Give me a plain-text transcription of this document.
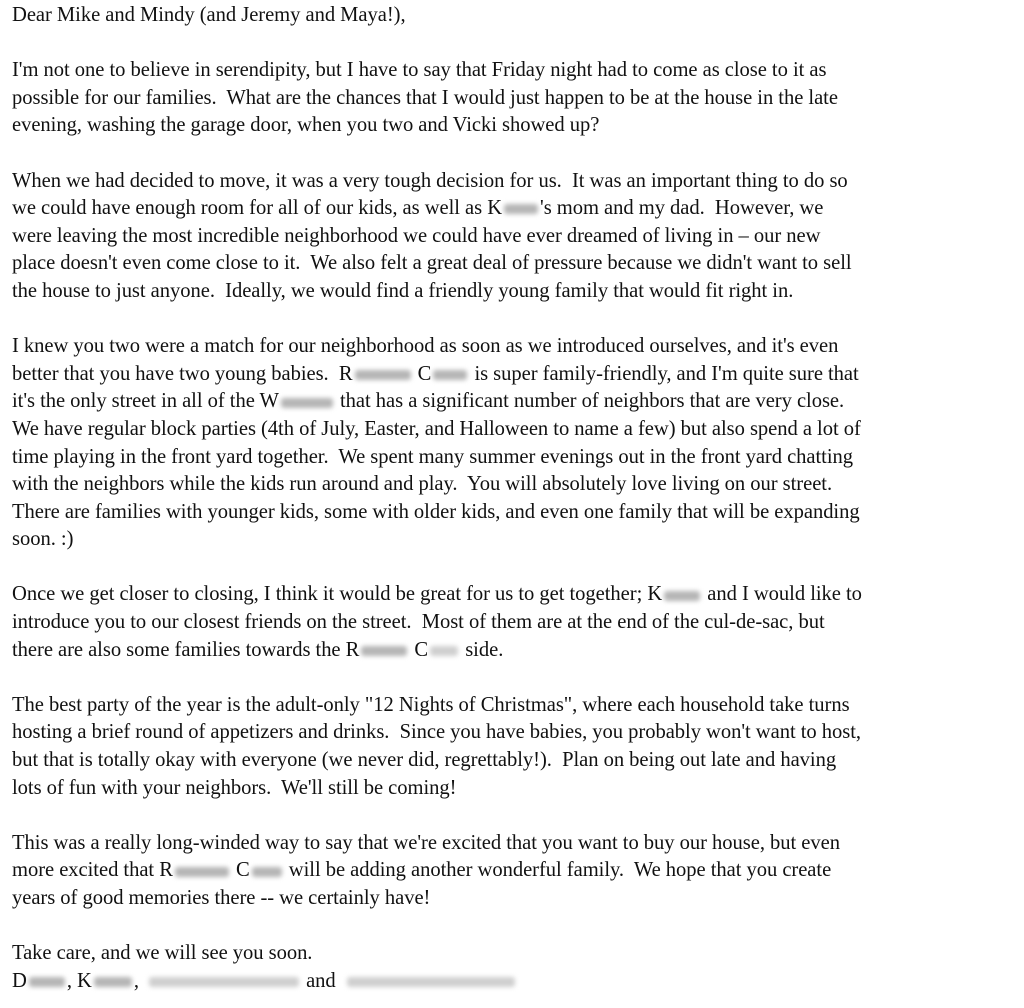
Dear Mike and Mindy (and Jeremy and Maya!),

I'm not one to believe in serendipity, but I have to say that Friday night had to come as close to it as
possible for our families.  What are the chances that I would just happen to be at the house in the late
evening, washing the garage door, when you two and Vicki showed up?

When we had decided to move, it was a very tough decision for us.  It was an important thing to do so
we could have enough room for all of our kids, as well as K 's mom and my dad.  However, we
were leaving the most incredible neighborhood we could have ever dreamed of living in – our new
place doesn't even come close to it.  We also felt a great deal of pressure because we didn't want to sell
the house to just anyone.  Ideally, we would find a friendly young family that would fit right in.

I knew you two were a match for our neighborhood as soon as we introduced ourselves, and it's even
better that you have two young babies.  R	C is super family-friendly, and I'm quite sure that
it's the only street in all of the W	that has a significant number of neighbors that are very close.
We have regular block parties (4th of July, Easter, and Halloween to name a few) but also spend a lot of
time playing in the front yard together.  We spent many summer evenings out in the front yard chatting
with the neighbors while the kids run around and play.  You will absolutely love living on our street.
There are families with younger kids, some with older kids, and even one family that will be expanding
soon. :)

Once we get closer to closing, I think it would be great for us to get together; K and I would like to
introduce you to our closest friends on the street.  Most of them are at the end of the cul-de-sac, but
there are also some families towards the R	C side.

The best party of the year is the adult-only "12 Nights of Christmas", where each household take turns
hosting a brief round of appetizers and drinks.  Since you have babies, you probably won't want to host,
but that is totally okay with everyone (we never did, regrettably!).  Plan on being out late and having
lots of fun with your neighbors.  We'll still be coming!

This was a really long-winded way to say that we're excited that you want to buy our house, but even
more excited that R	C will be adding another wonderful family.  We hope that you create
years of good memories there -- we certainly have!

Take care, and we will see you soon.
D , K ,	and
